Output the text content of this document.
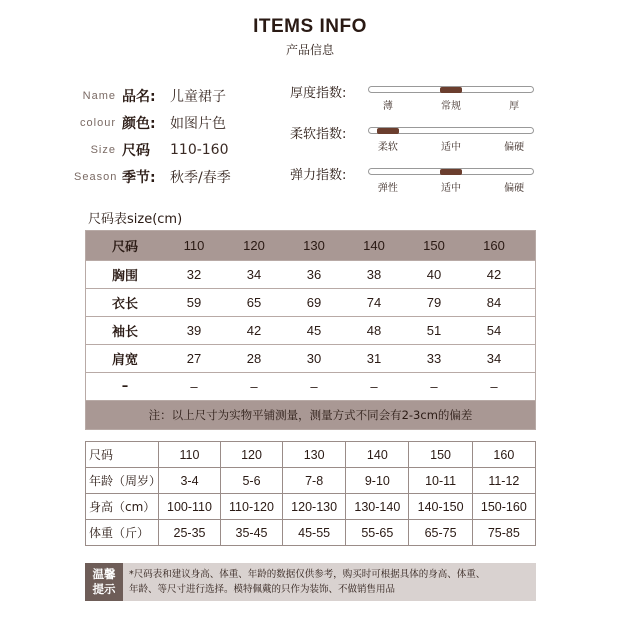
ITEMS INFO
产品信息
Name 品名:	儿童裙子
colour 颜色:	如图片色
Size 尺码	110-160
Season 季节:	秋季/春季
厚度指数:
薄	常规	厚
柔软指数:
柔软	适中	偏硬
弹力指数:
弹性	适中	偏硬
尺码表size(cm)
尺码	110	120	130	140	150	160
胸围	32	34	36	38	40	42
衣长	59	65	69	74	79	84
袖长	39	42	45	48	51	54
肩宽	27	28	30	31	33	34
–	–	–	–	–	–	–
注：以上尺寸为实物平铺测量，测量方式不同会有2-3cm的偏差
尺码	110	120	130	140	150	160
年龄（周岁）	3-4	5-6	7-8	9-10	10-11	11-12
身高（cm）	100-110	110-120	120-130	130-140	140-150	150-160
体重（斤）	25-35	35-45	45-55	55-65	65-75	75-85
温馨
提示
*尺码表和建议身高、体重、年龄的数据仅供参考，购买时可根据具体的身高、体重、
年龄、等尺寸进行选择。模特佩戴的只作为装饰、不做销售用品
